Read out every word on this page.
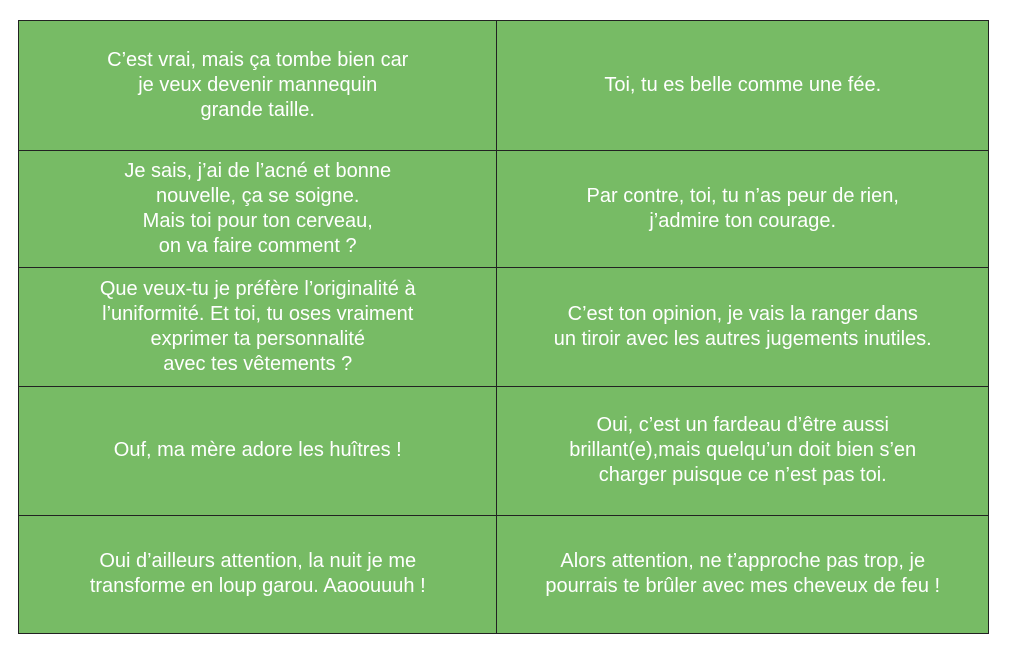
C’est vrai, mais ça tombe bien car
je veux devenir mannequin
grande taille.	Toi, tu es belle comme une fée.
Je sais, j’ai de l’acné et bonne
nouvelle, ça se soigne.
Mais toi pour ton cerveau,
on va faire comment ?	Par contre, toi, tu n’as peur de rien,
j’admire ton courage.
Que veux-tu je préfère l’originalité à
l’uniformité. Et toi, tu oses vraiment
exprimer ta personnalité
avec tes vêtements ?	C’est ton opinion, je vais la ranger dans
un tiroir avec les autres jugements inutiles.
Ouf, ma mère adore les huîtres !	Oui, c’est un fardeau d’être aussi
brillant(e),mais quelqu’un doit bien s’en
charger puisque ce n’est pas toi.
Oui d’ailleurs attention, la nuit je me
transforme en loup garou. Aaoouuuh !	Alors attention, ne t’approche pas trop, je
pourrais te brûler avec mes cheveux de feu !
